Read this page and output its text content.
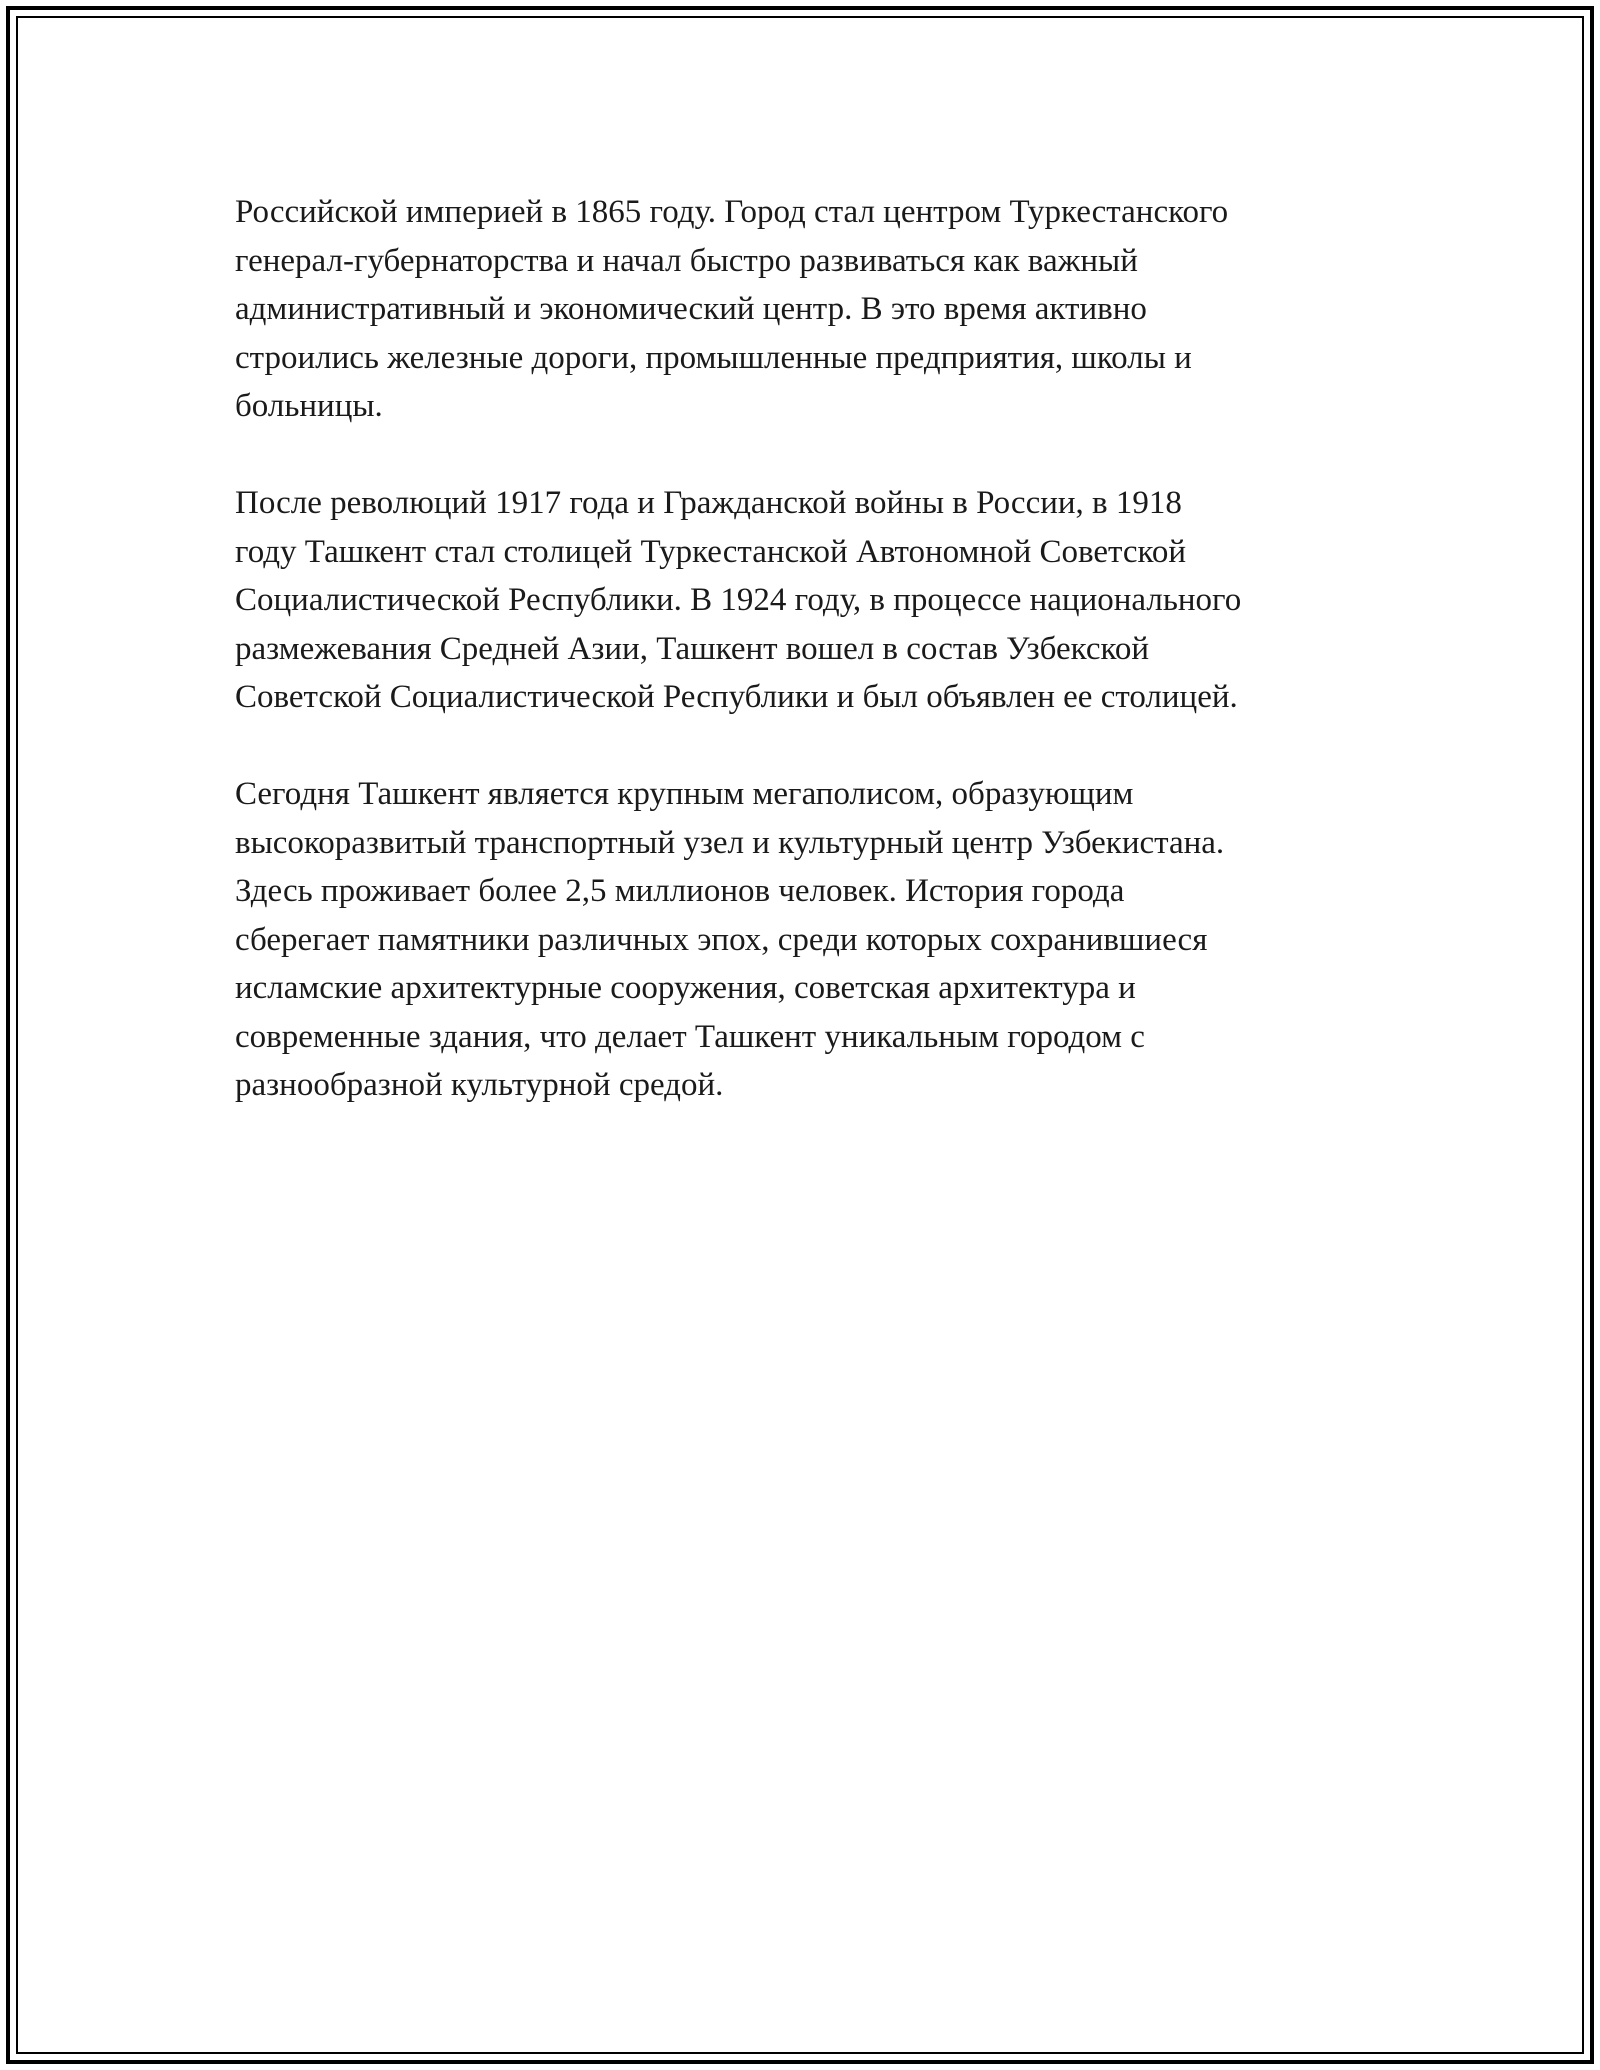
Российской империей в 1865 году. Город стал центром Туркестанского
генерал-губернаторства и начал быстро развиваться как важный
административный и экономический центр. В это время активно
строились железные дороги, промышленные предприятия, школы и
больницы.

После революций 1917 года и Гражданской войны в России, в 1918
году Ташкент стал столицей Туркестанской Автономной Советской
Социалистической Республики. В 1924 году, в процессе национального
размежевания Средней Азии, Ташкент вошел в состав Узбекской
Советской Социалистической Республики и был объявлен ее столицей.

Сегодня Ташкент является крупным мегаполисом, образующим
высокоразвитый транспортный узел и культурный центр Узбекистана.
Здесь проживает более 2,5 миллионов человек. История города
сберегает памятники различных эпох, среди которых сохранившиеся
исламские архитектурные сооружения, советская архитектура и
современные здания, что делает Ташкент уникальным городом с
разнообразной культурной средой.
